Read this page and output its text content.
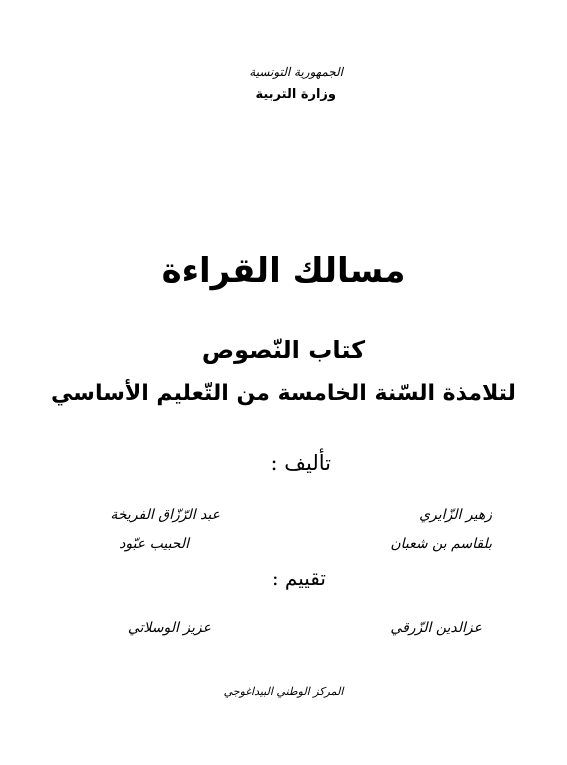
الجمهورية التونسية
وزارة التربية
مسالك القراءة
كتاب النّصوص
لتلامذة السّنة الخامسة من التّعليم الأساسي
تأليف :
زهير الزّايري
عبد الرّزّاق الفريخة
بلقاسم بن شعبان
الحبيب عبّود
تقييم :
عزالدين الزّرقي
عزيز الوسلاتي
المركز الوطني البيداغوجي
